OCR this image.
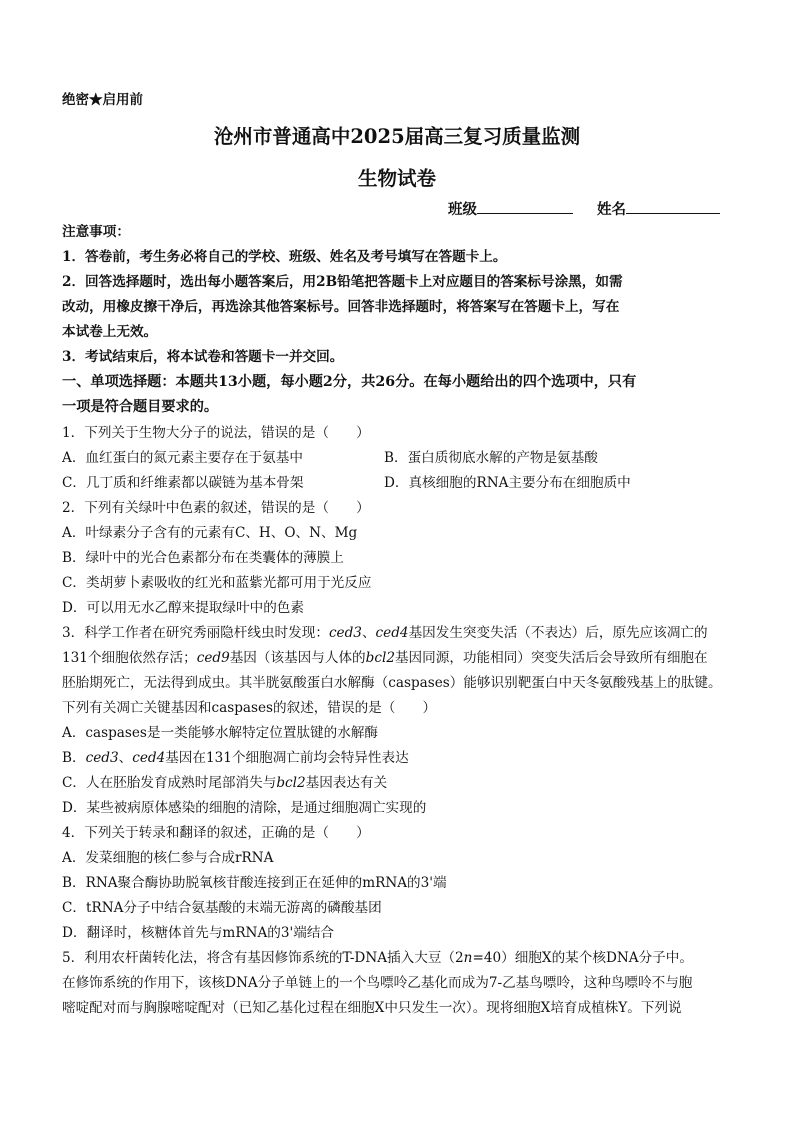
绝密★启用前
沧州市普通高中2025届高三复习质量监测
生物试卷
班级	姓名
注意事项：
1．答卷前，考生务必将自己的学校、班级、姓名及考号填写在答题卡上。
2．回答选择题时，选出每小题答案后，用2B铅笔把答题卡上对应题目的答案标号涂黑，如需
改动，用橡皮擦干净后，再选涂其他答案标号。回答非选择题时，将答案写在答题卡上，写在
本试卷上无效。
3．考试结束后，将本试卷和答题卡一并交回。
一、单项选择题：本题共13小题，每小题2分，共26分。在每小题给出的四个选项中，只有
一项是符合题目要求的。
1．下列关于生物大分子的说法，错误的是（　　）
A．血红蛋白的氮元素主要存在于氨基中	B．蛋白质彻底水解的产物是氨基酸
C．几丁质和纤维素都以碳链为基本骨架	D．真核细胞的RNA主要分布在细胞质中
2．下列有关绿叶中色素的叙述，错误的是（　　）
A．叶绿素分子含有的元素有C、H、O、N、Mg
B．绿叶中的光合色素都分布在类囊体的薄膜上
C．类胡萝卜素吸收的红光和蓝紫光都可用于光反应
D．可以用无水乙醇来提取绿叶中的色素
3．科学工作者在研究秀丽隐杆线虫时发现：ced3、ced4基因发生突变失活（不表达）后，原先应该凋亡的
131个细胞依然存活；ced9基因（该基因与人体的bcl2基因同源，功能相同）突变失活后会导致所有细胞在
胚胎期死亡，无法得到成虫。其半胱氨酸蛋白水解酶（caspases）能够识别靶蛋白中天冬氨酸残基上的肽键。
下列有关凋亡关键基因和caspases的叙述，错误的是（　　）
A．caspases是一类能够水解特定位置肽键的水解酶
B．ced3、ced4基因在131个细胞凋亡前均会特异性表达
C．人在胚胎发育成熟时尾部消失与bcl2基因表达有关
D．某些被病原体感染的细胞的清除，是通过细胞凋亡实现的
4．下列关于转录和翻译的叙述，正确的是（　　）
A．发菜细胞的核仁参与合成rRNA
B．RNA聚合酶协助脱氧核苷酸连接到正在延伸的mRNA的3'端
C．tRNA分子中结合氨基酸的末端无游离的磷酸基团
D．翻译时，核糖体首先与mRNA的3'端结合
5．利用农杆菌转化法，将含有基因修饰系统的T-DNA插入大豆（2n=40）细胞X的某个核DNA分子中。
在修饰系统的作用下，该核DNA分子单链上的一个鸟嘌呤乙基化而成为7-乙基鸟嘌呤，这种鸟嘌呤不与胞
嘧啶配对而与胸腺嘧啶配对（已知乙基化过程在细胞X中只发生一次）。现将细胞X培育成植株Y。下列说
